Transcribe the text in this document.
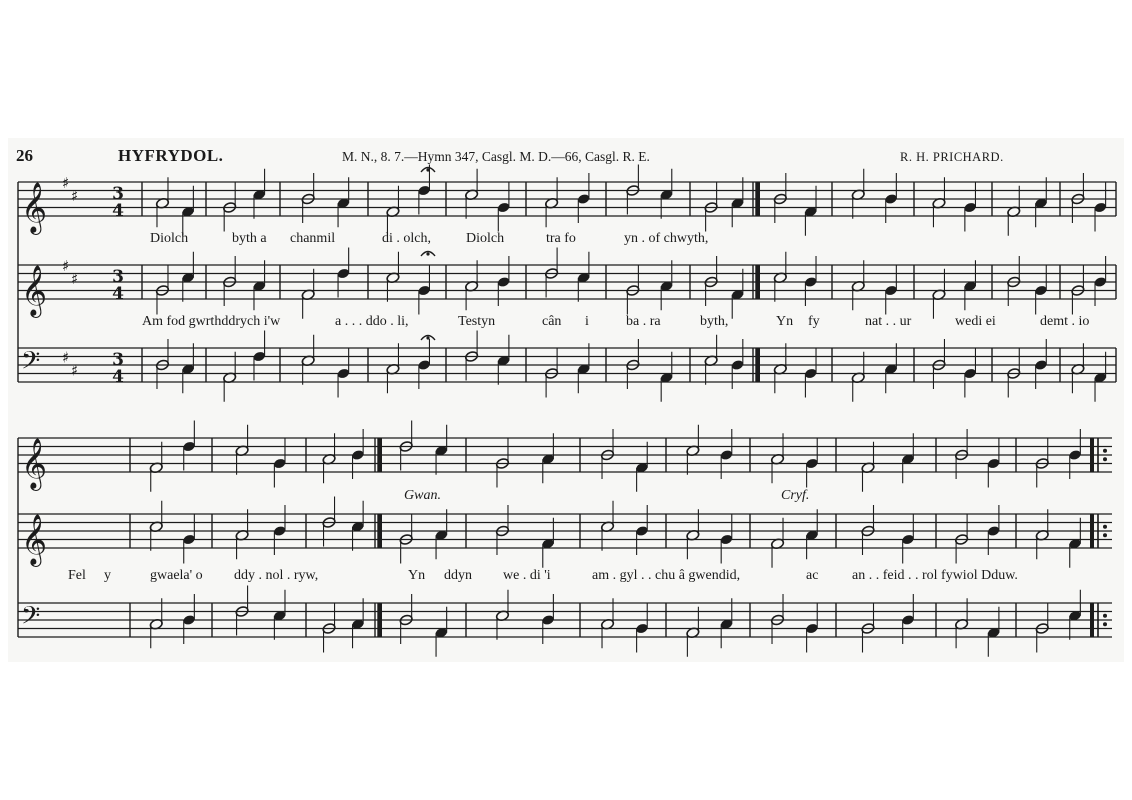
26	HYFRYDOL.	M. N., 8. 7.—Hymn 347, Casgl. M. D.—66, Casgl. R. E.	R. H. PRICHARD.
𝄞 ♯
♯
𝄞 ♯
♯
𝄢 ♯
♯
𝄞
𝄞
𝄢
3
4
3
4
3
4
Diolch	byth a chanmil	di . olch,	Diolch	tra fo	yn . of chwyth,
Am fod gwrthddrych i'w	a . . . ddo . li,	Testyn	cân i	ba . ra	byth,	Yn fy	nat . . ur	wedi ei	demt . io
Gwan.	Cryf.
Fel y	gwaela' o ddy . nol . ryw,	Yn ddyn we . di 'i	am . gyl . . chu â gwendid,	ac an . . feid . . rol fywiol Dduw.
